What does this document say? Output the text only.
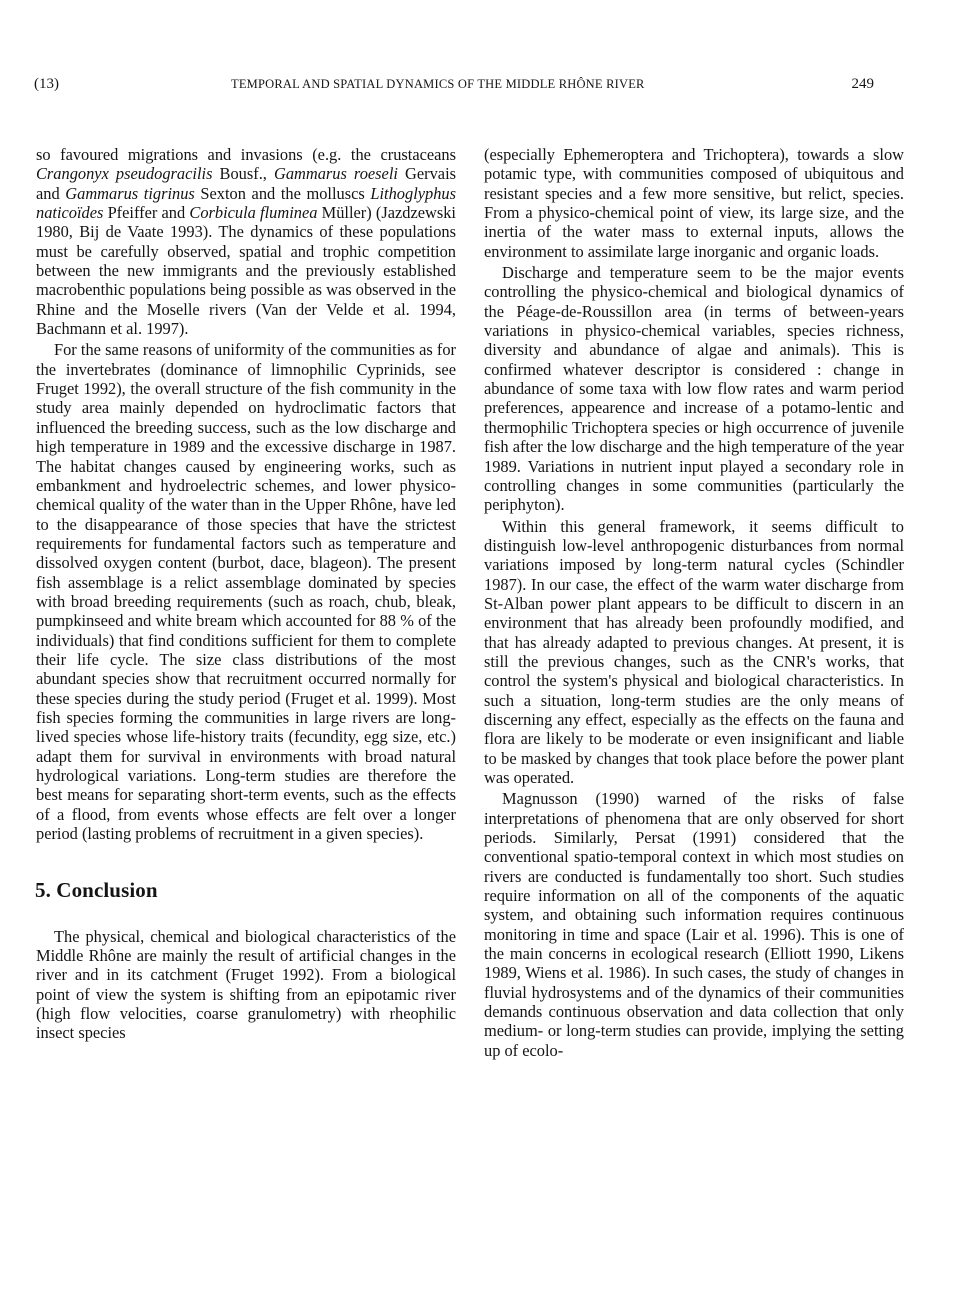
(13)	TEMPORAL AND SPATIAL DYNAMICS OF THE MIDDLE RHÔNE RIVER	249

so favoured migrations and invasions (e.g. the crustaceans Crangonyx pseudogracilis Bousf., Gammarus roeseli Gervais and Gammarus tigrinus Sexton and the molluscs Lithoglyphus naticoïdes Pfeiffer and Corbicula fluminea Müller) (Jazdzewski 1980, Bij de Vaate 1993). The dynamics of these populations must be carefully observed, spatial and trophic competition between the new immigrants and the previously established macrobenthic populations being possible as was observed in the Rhine and the Moselle rivers (Van der Velde et al. 1994, Bachmann et al. 1997).

For the same reasons of uniformity of the communities as for the invertebrates (dominance of limnophilic Cyprinids, see Fruget 1992), the overall structure of the fish community in the study area mainly depended on hydroclimatic factors that influenced the breeding success, such as the low discharge and high temperature in 1989 and the excessive discharge in 1987. The habitat changes caused by engineering works, such as embankment and hydroelectric schemes, and lower physico-chemical quality of the water than in the Upper Rhône, have led to the disappearance of those species that have the strictest requirements for fundamental factors such as temperature and dissolved oxygen content (burbot, dace, blageon). The present fish assemblage is a relict assemblage dominated by species with broad breeding requirements (such as roach, chub, bleak, pumpkinseed and white bream which accounted for 88 % of the individuals) that find conditions sufficient for them to complete their life cycle. The size class distributions of the most abundant species show that recruitment occurred normally for these species during the study period (Fruget et al. 1999). Most fish species forming the communities in large rivers are long-lived species whose life-history traits (fecundity, egg size, etc.) adapt them for survival in environments with broad natural hydrological variations. Long-term studies are therefore the best means for separating short-term events, such as the effects of a flood, from events whose effects are felt over a longer period (lasting problems of recruitment in a given species).

5. Conclusion

The physical, chemical and biological characteristics of the Middle Rhône are mainly the result of artificial changes in the river and in its catchment (Fruget 1992). From a biological point of view the system is shifting from an epipotamic river (high flow velocities, coarse granulometry) with rheophilic insect species

(especially Ephemeroptera and Trichoptera), towards a slow potamic type, with communities composed of ubiquitous and resistant species and a few more sensitive, but relict, species. From a physico-chemical point of view, its large size, and the inertia of the water mass to external inputs, allows the environment to assimilate large inorganic and organic loads.

Discharge and temperature seem to be the major events controlling the physico-chemical and biological dynamics of the Péage-de-Roussillon area (in terms of between-years variations in physico-chemical variables, species richness, diversity and abundance of algae and animals). This is confirmed whatever descriptor is considered : change in abundance of some taxa with low flow rates and warm period preferences, appearence and increase of a potamo-lentic and thermophilic Trichoptera species or high occurrence of juvenile fish after the low discharge and the high temperature of the year 1989. Variations in nutrient input played a secondary role in controlling changes in some communities (particularly the periphyton).

Within this general framework, it seems difficult to distinguish low-level anthropogenic disturbances from normal variations imposed by long-term natural cycles (Schindler 1987). In our case, the effect of the warm water discharge from St-Alban power plant appears to be difficult to discern in an environment that has already been profoundly modified, and that has already adapted to previous changes. At present, it is still the previous changes, such as the CNR's works, that control the system's physical and biological characteristics. In such a situation, long-term studies are the only means of discerning any effect, especially as the effects on the fauna and flora are likely to be moderate or even insignificant and liable to be masked by changes that took place before the power plant was operated.

Magnusson (1990) warned of the risks of false interpretations of phenomena that are only observed for short periods. Similarly, Persat (1991) considered that the conventional spatio-temporal context in which most studies on rivers are conducted is fundamentally too short. Such studies require information on all of the components of the aquatic system, and obtaining such information requires continuous monitoring in time and space (Lair et al. 1996). This is one of the main concerns in ecological research (Elliott 1990, Likens 1989, Wiens et al. 1986). In such cases, the study of changes in fluvial hydrosystems and of the dynamics of their communities demands continuous observation and data collection that only medium- or long-term studies can provide, implying the setting up of ecolo-
